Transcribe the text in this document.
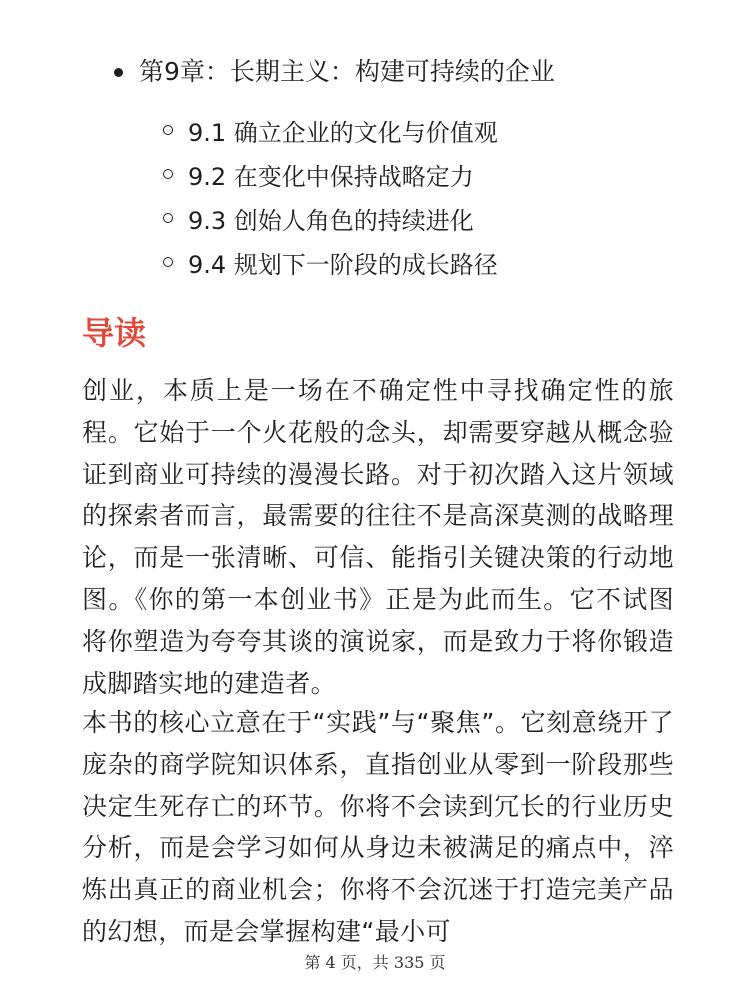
第9章：长期主义：构建可持续的企业
9.1 确立企业的文化与价值观
9.2 在变化中保持战略定力
9.3 创始人角色的持续进化
9.4 规划下一阶段的成长路径
导读

创业，本质上是一场在不确定性中寻找确定性的旅程。它始于一个火花般的念头，却需要穿越从概念验证到商业可持续的漫漫长路。对于初次踏入这片领域的探索者而言，最需要的往往不是高深莫测的战略理论，而是一张清晰、可信、能指引关键决策的行动地图。《你的第一本创业书》正是为此而生。它不试图将你塑造为夸夸其谈的演说家，而是致力于将你锻造成脚踏实地的建造者。

本书的核心立意在于“实践”与“聚焦”。它刻意绕开了庞杂的商学院知识体系，直指创业从零到一阶段那些决定生死存亡的环节。你将不会读到冗长的行业历史分析，而是会学习如何从身边未被满足的痛点中，淬炼出真正的商业机会；你将不会沉迷于打造完美产品的幻想，而是会掌握构建“最小可

第 4 页，共 335 页
